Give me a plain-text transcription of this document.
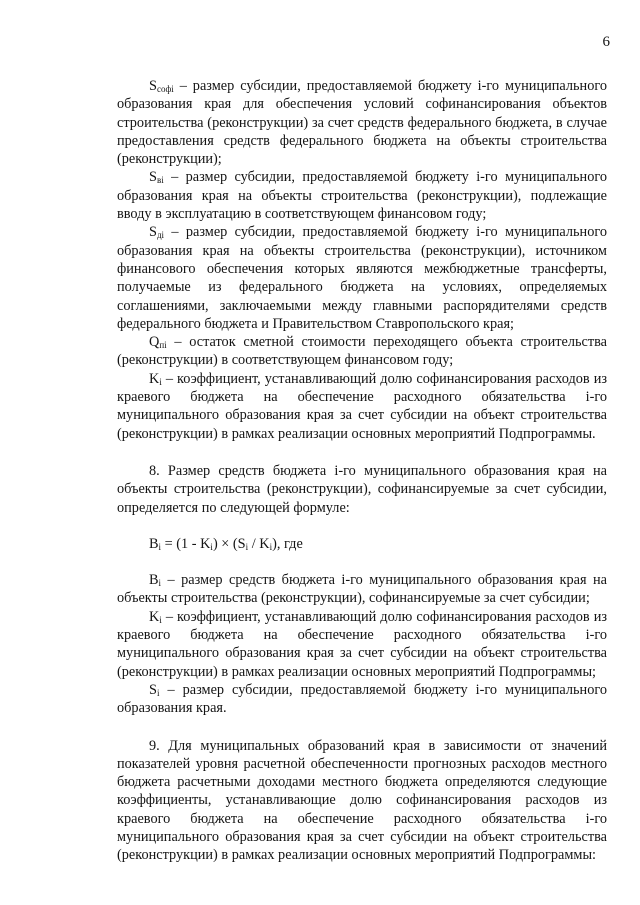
6

$S_{софi}$ – размер субсидии, предоставляемой бюджету i-го муниципального образования края для обеспечения условий софинансирования объектов строительства (реконструкции) за счет средств федерального бюджета, в случае предоставления средств федерального бюджета на объекты строительства (реконструкции);

$S_{вi}$ – размер субсидии, предоставляемой бюджету i-го муниципального образования края на объекты строительства (реконструкции), подлежащие вводу в эксплуатацию в соответствующем финансовом году;

$S_{дi}$ – размер субсидии, предоставляемой бюджету i-го муниципального образования края на объекты строительства (реконструкции), источником финансового обеспечения которых являются межбюджетные трансферты, получаемые из федерального бюджета на условиях, определяемых соглашениями, заключаемыми между главными распорядителями средств федерального бюджета и Правительством Ставропольского края;

$Q_{пi}$ – остаток сметной стоимости переходящего объекта строительства (реконструкции) в соответствующем финансовом году;

$K_i$ – коэффициент, устанавливающий долю софинансирования расходов из краевого бюджета на обеспечение расходного обязательства i-го муниципального образования края за счет субсидии на объект строительства (реконструкции) в рамках реализации основных мероприятий Подпрограммы.

8. Размер средств бюджета i-го муниципального образования края на объекты строительства (реконструкции), софинансируемые за счет субсидии, определяется по следующей формуле:

$B_i = (1 - K_i) \times (S_i / K_i)$, где

$B_i$ – размер средств бюджета i-го муниципального образования края на объекты строительства (реконструкции), софинансируемые за счет субсидии;

$K_i$ – коэффициент, устанавливающий долю софинансирования расходов из краевого бюджета на обеспечение расходного обязательства i-го муниципального образования края за счет субсидии на объект строительства (реконструкции) в рамках реализации основных мероприятий Подпрограммы;

$S_i$ – размер субсидии, предоставляемой бюджету i-го муниципального образования края.

9. Для муниципальных образований края в зависимости от значений показателей уровня расчетной обеспеченности прогнозных расходов местного бюджета расчетными доходами местного бюджета определяются следующие коэффициенты, устанавливающие долю софинансирования расходов из краевого бюджета на обеспечение расходного обязательства i-го муниципального образования края за счет субсидии на объект строительства (реконструкции) в рамках реализации основных мероприятий Подпрограммы:
